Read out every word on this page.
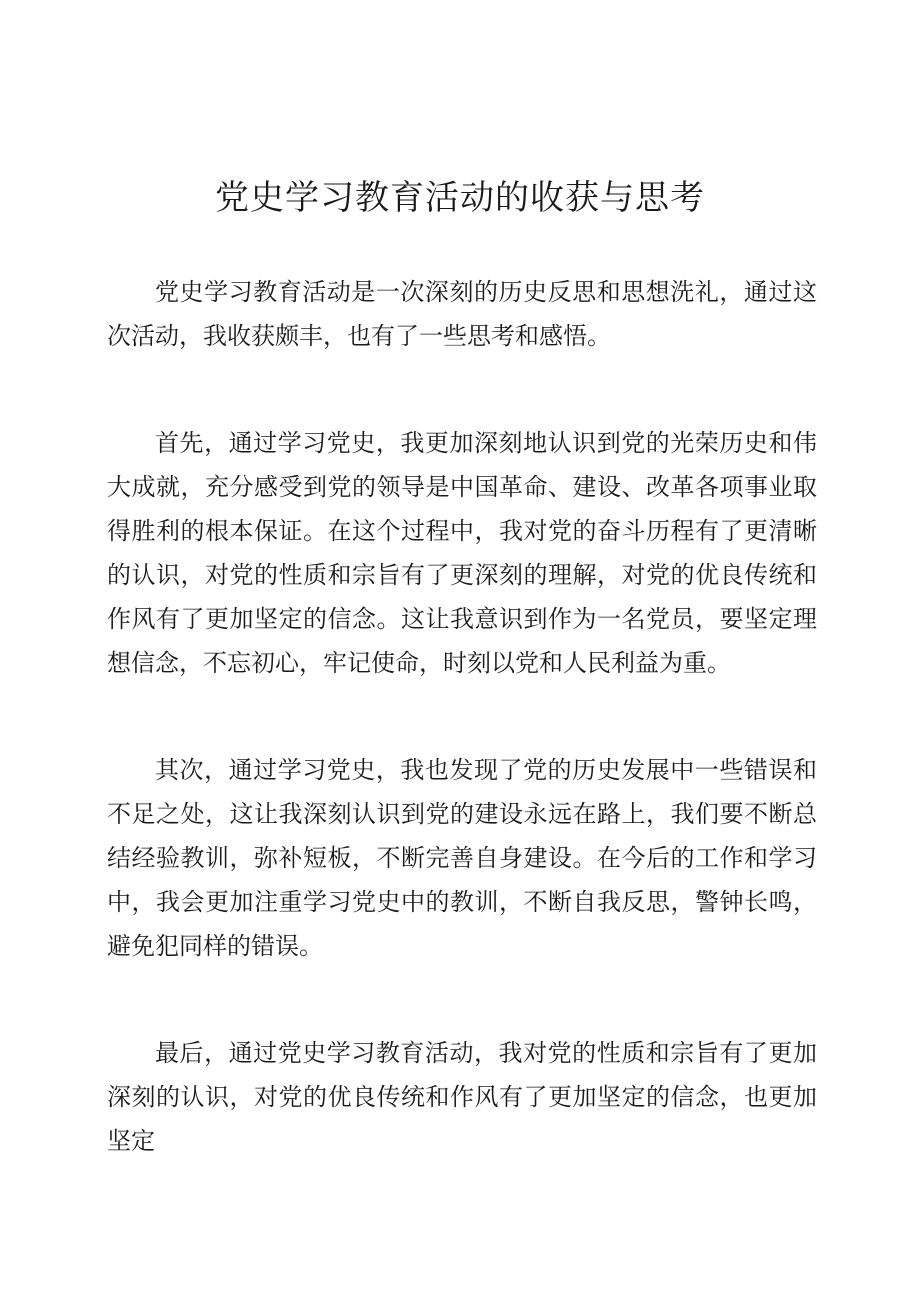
党史学习教育活动的收获与思考

党史学习教育活动是一次深刻的历史反思和思想洗礼，通过这次活动，我收获颇丰，也有了一些思考和感悟。

首先，通过学习党史，我更加深刻地认识到党的光荣历史和伟大成就，充分感受到党的领导是中国革命、建设、改革各项事业取得胜利的根本保证。在这个过程中，我对党的奋斗历程有了更清晰的认识，对党的性质和宗旨有了更深刻的理解，对党的优良传统和作风有了更加坚定的信念。这让我意识到作为一名党员，要坚定理想信念，不忘初心，牢记使命，时刻以党和人民利益为重。

其次，通过学习党史，我也发现了党的历史发展中一些错误和不足之处，这让我深刻认识到党的建设永远在路上，我们要不断总结经验教训，弥补短板，不断完善自身建设。在今后的工作和学习中，我会更加注重学习党史中的教训，不断自我反思，警钟长鸣，避免犯同样的错误。

最后，通过党史学习教育活动，我对党的性质和宗旨有了更加深刻的认识，对党的优良传统和作风有了更加坚定的信念，也更加坚定
